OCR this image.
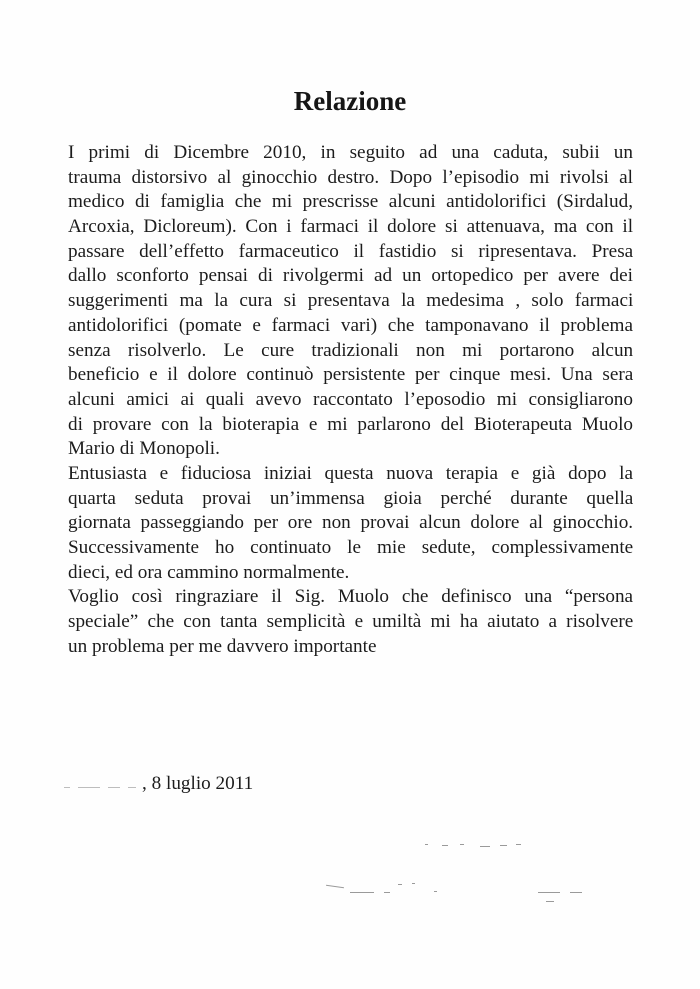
Relazione
I primi di Dicembre 2010, in seguito ad una caduta, subii un
trauma distorsivo al ginocchio destro. Dopo l’episodio mi rivolsi al
medico di famiglia che mi prescrisse alcuni antidolorifici (Sirdalud,
Arcoxia, Dicloreum). Con i farmaci il dolore si attenuava, ma con il
passare dell’effetto farmaceutico il fastidio si ripresentava. Presa
dallo sconforto pensai di rivolgermi ad un ortopedico per avere dei
suggerimenti ma la cura si presentava la medesima , solo farmaci
antidolorifici (pomate e farmaci vari) che tamponavano il problema
senza risolverlo. Le cure tradizionali non mi portarono alcun
beneficio e il dolore continuò persistente per cinque mesi. Una sera
alcuni amici ai quali avevo raccontato l’eposodio mi consigliarono
di provare con la bioterapia e mi parlarono del Bioterapeuta Muolo
Mario di Monopoli.
Entusiasta e fiduciosa iniziai questa nuova terapia e già dopo la
quarta seduta provai un’immensa gioia perché durante quella
giornata passeggiando per ore non provai alcun dolore al ginocchio.
Successivamente ho continuato le mie sedute, complessivamente
dieci, ed ora cammino normalmente.
Voglio così ringraziare il Sig. Muolo che definisco una “persona
speciale” che con tanta semplicità e umiltà mi ha aiutato a risolvere
un problema per me davvero importante
, 8 luglio 2011
